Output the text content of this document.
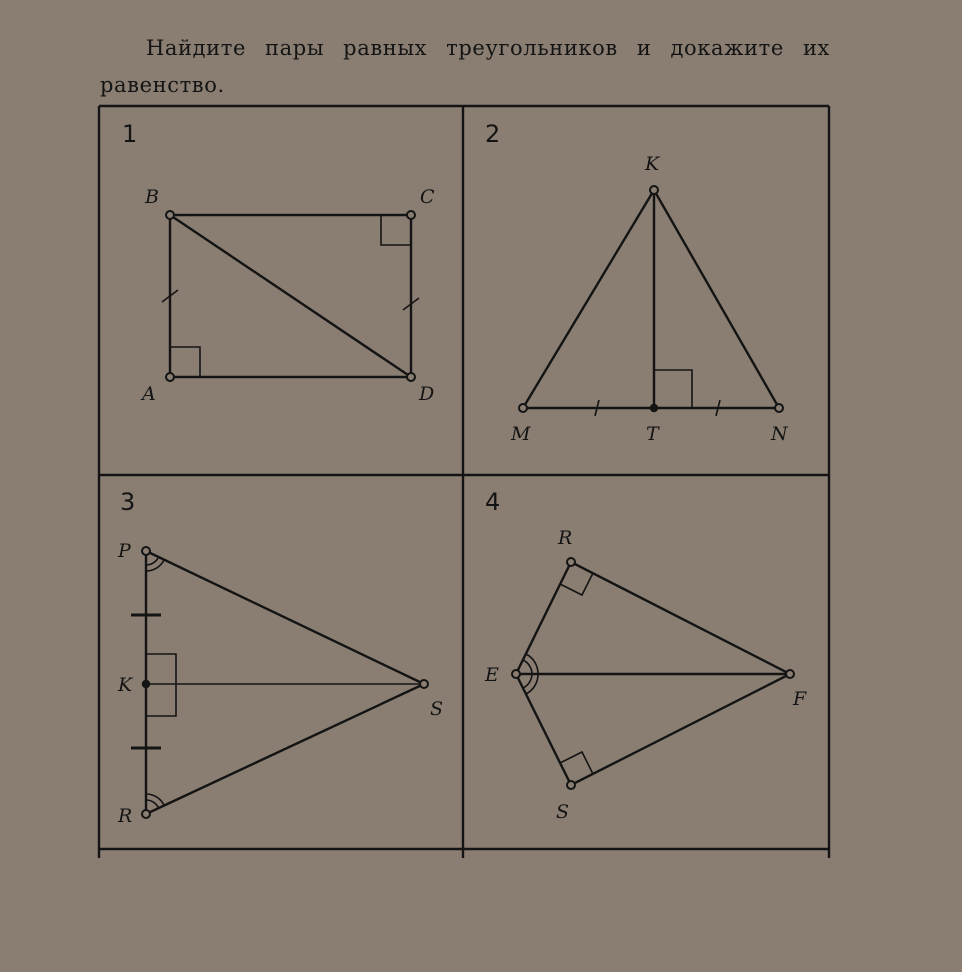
Найдите пары равных треугольников и докажите их равенство.
1
B	C
A	D
2
K
M	T	N
3
P
K
R
S
4
R
E
F
S
